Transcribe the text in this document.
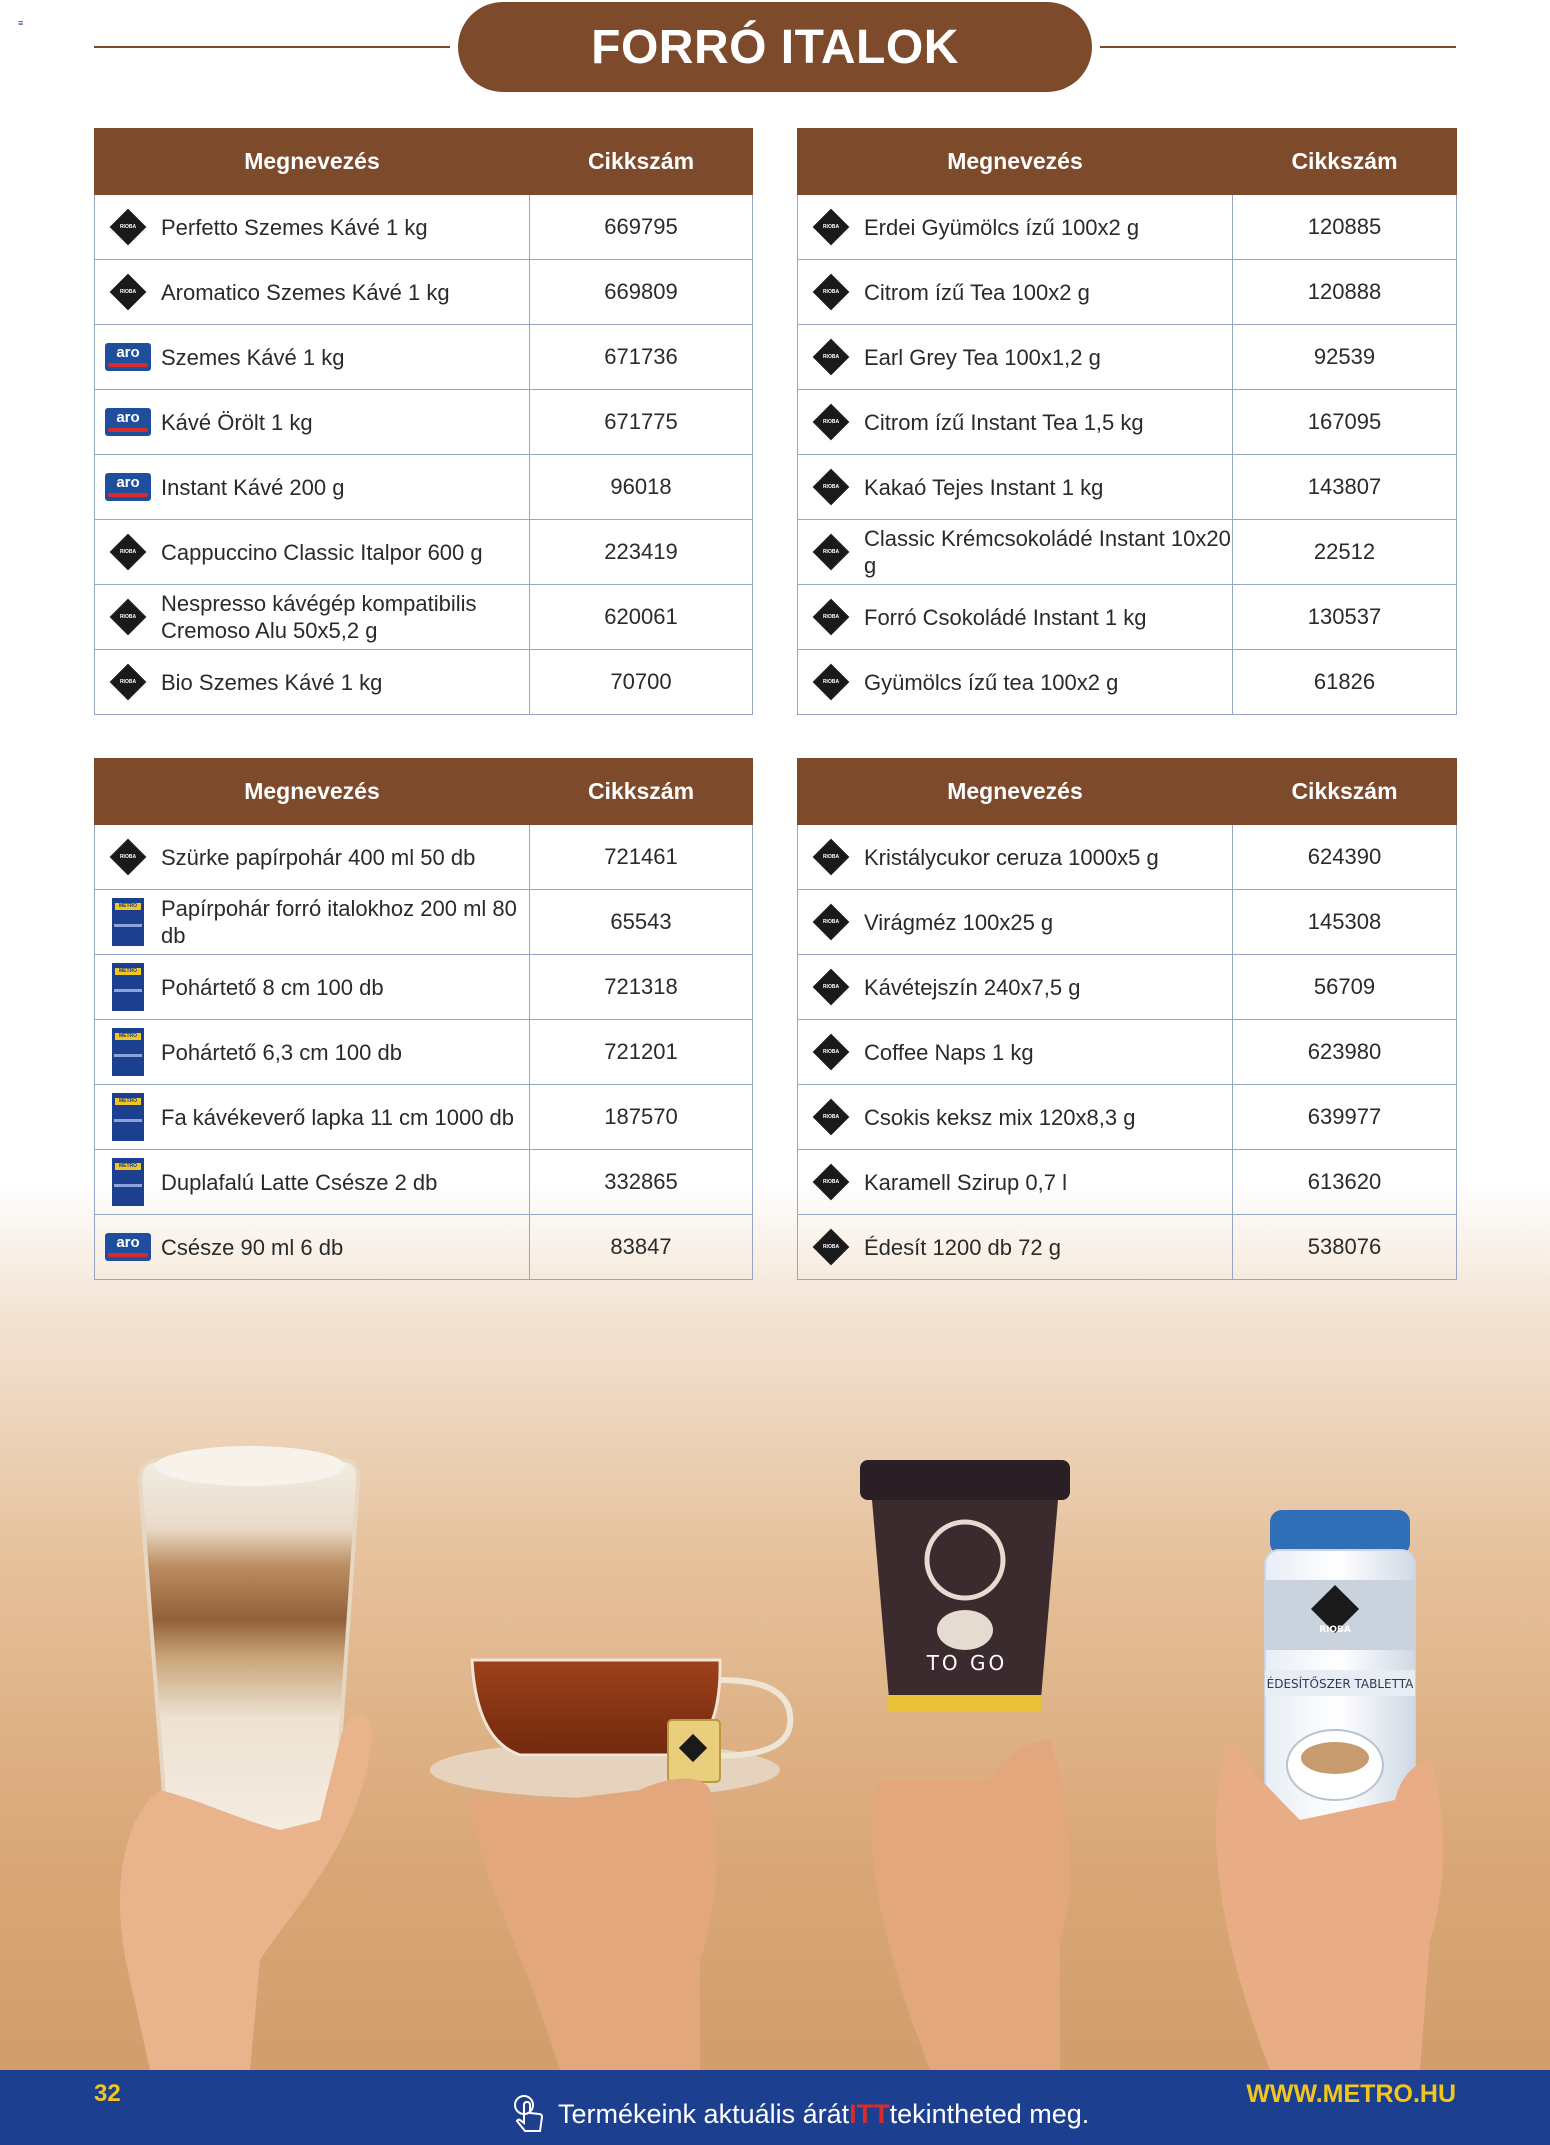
≡	FORRÓ ITALOK
Megnevezés	Cikkszám

RIOBA Perfetto Szemes Kávé 1 kg	669795

RIOBA Aromatico Szemes Kávé 1 kg	669809

aro Szemes Kávé 1 kg	671736

aro Kávé Örölt 1 kg	671775

aro Instant Kávé 200 g	96018

RIOBA Cappuccino Classic Italpor 600 g	223419

RIOBA
Nespresso kávégép kompatibilis Cremoso Alu 50x5,2 g	620061

RIOBA Bio Szemes Kávé 1 kg	70700
Megnevezés	Cikkszám

RIOBA Erdei Gyümölcs ízű 100x2 g	120885

RIOBA Citrom ízű Tea 100x2 g	120888

RIOBA Earl Grey Tea 100x1,2 g	92539

RIOBA Citrom ízű Instant Tea 1,5 kg	167095

RIOBA Kakaó Tejes Instant 1 kg	143807

RIOBA
Classic Krémcsokoládé Instant 10x20 g	22512

RIOBA Forró Csokoládé Instant 1 kg	130537

RIOBA Gyümölcs ízű tea 100x2 g	61826
Megnevezés	Cikkszám

RIOBA Szürke papírpohár 400 ml 50 db	721461

METRO Papírpohár forró italokhoz 200 ml 80 db	65543

METRO
Pohártető 8 cm 100 db	721318

METRO
Pohártető 6,3 cm 100 db	721201

METRO
Fa kávékeverő lapka 11 cm 1000 db	187570

METRO
Duplafalú Latte Csésze 2 db	332865

aro Csésze 90 ml 6 db	83847
Megnevezés	Cikkszám

RIOBA Kristálycukor ceruza 1000x5 g	624390

RIOBA Virágméz 100x25 g	145308

RIOBA Kávétejszín 240x7,5 g	56709

RIOBA Coffee Naps 1 kg	623980

RIOBA Csokis keksz mix 120x8,3 g	639977

RIOBA Karamell Szirup 0,7 l	613620

RIOBA Édesít 1200 db 72 g	538076
TO GO
RIOBA
ÉDESÍTŐSZER TABLETTA
32
Termékeink aktuális árát ITT tekintheted meg.
WWW.METRO.HU
